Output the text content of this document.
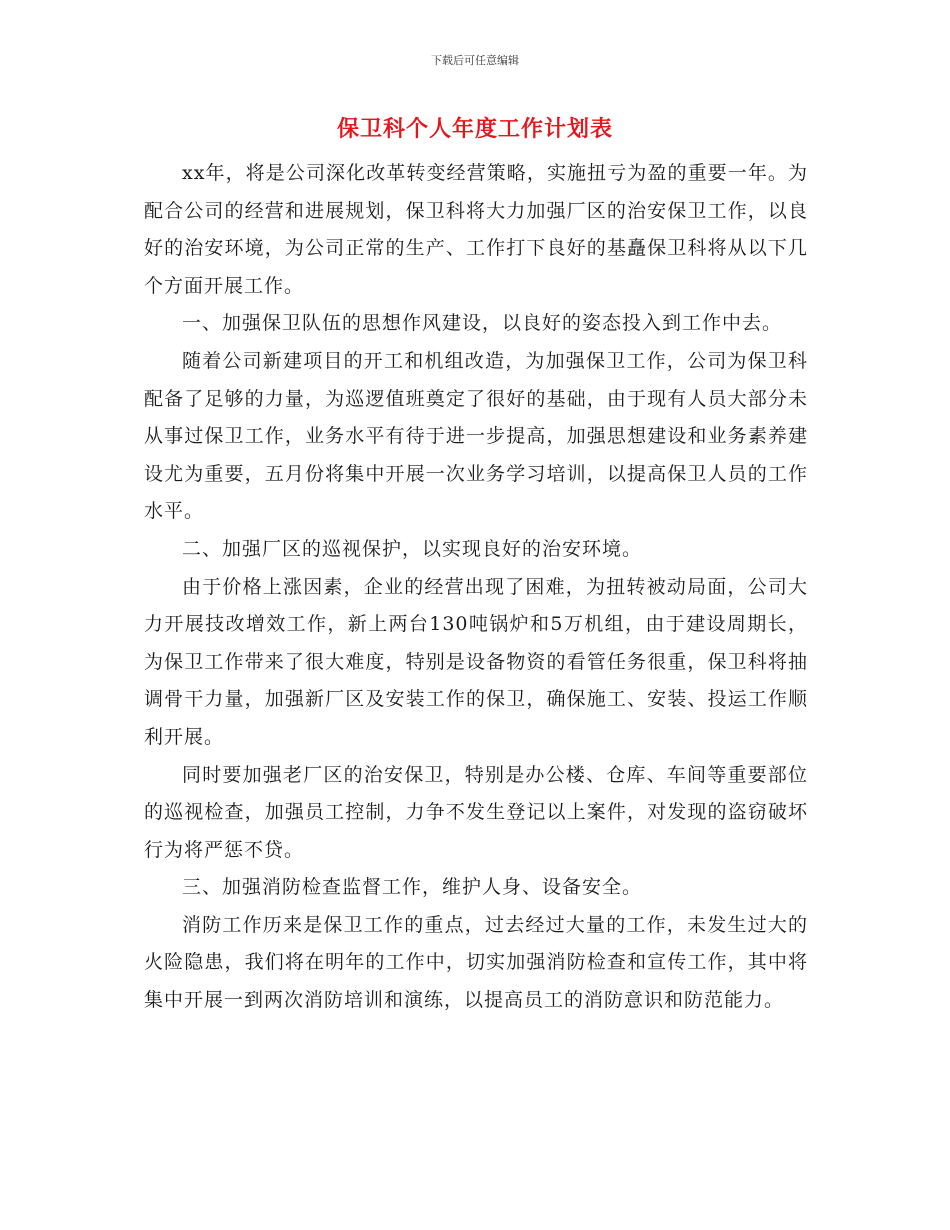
下载后可任意编辑
保卫科个人年度工作计划表

xx年，将是公司深化改革转变经营策略，实施扭亏为盈的重要一年。为配合公司的经营和进展规划，保卫科将大力加强厂区的治安保卫工作，以良好的治安环境，为公司正常的生产、工作打下良好的基矗保卫科将从以下几个方面开展工作。

一、加强保卫队伍的思想作风建设，以良好的姿态投入到工作中去。

随着公司新建项目的开工和机组改造，为加强保卫工作，公司为保卫科配备了足够的力量，为巡逻值班奠定了很好的基础，由于现有人员大部分未从事过保卫工作，业务水平有待于进一步提高，加强思想建设和业务素养建设尤为重要，五月份将集中开展一次业务学习培训，以提高保卫人员的工作水平。

二、加强厂区的巡视保护，以实现良好的治安环境。

由于价格上涨因素，企业的经营出现了困难，为扭转被动局面，公司大力开展技改增效工作，新上两台130吨锅炉和5万机组，由于建设周期长，为保卫工作带来了很大难度，特别是设备物资的看管任务很重，保卫科将抽调骨干力量，加强新厂区及安装工作的保卫，确保施工、安装、投运工作顺利开展。

同时要加强老厂区的治安保卫，特别是办公楼、仓库、车间等重要部位的巡视检查，加强员工控制，力争不发生登记以上案件，对发现的盗窃破坏行为将严惩不贷。

三、加强消防检查监督工作，维护人身、设备安全。

消防工作历来是保卫工作的重点，过去经过大量的工作，未发生过大的火险隐患，我们将在明年的工作中，切实加强消防检查和宣传工作，其中将集中开展一到两次消防培训和演练，以提高员工的消防意识和防范能力。
